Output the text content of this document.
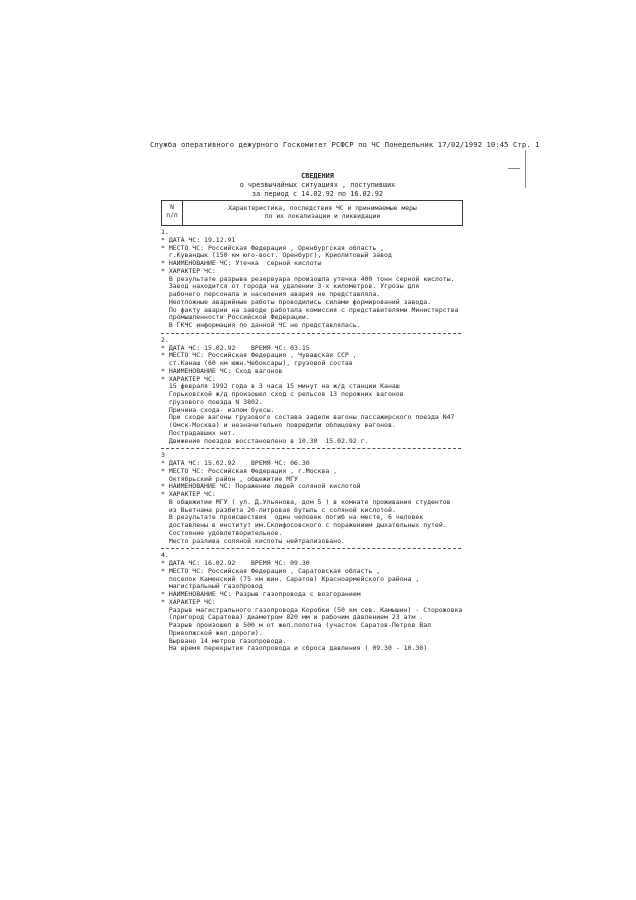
Служба оперативного дежурного Госкомитет РСФСР по ЧС Понедельник 17/02/1992 10:45 Стр. 1
СВЕДЕНИЯ
о чрезвычайных ситуациях , поступивших
за период с 14.02.92 по 16.02.92
N
п/п
Характеристика, последствия ЧС и принимаемые меры
по их локализации и ликвидации
1.
* ДАТА ЧС: 19.12.91
* МЕСТО ЧС: Российская Федерация , Оренбургская область ,
г.Кувандык (150 км юго-вост. Оренбург), Криолитовый завод
* НАИМЕНОВАНИЕ ЧС: Утечка  серной кислоты
* ХАРАКТЕР ЧС:
В результате разрыва резервуара произошла утечка 400 тонн серной кислоты.
Завод находится от города на удалении 3-х километров. Угрозы для
рабочего персонала и населения авария не представляла.
Неотложные аварийные работы проводились силами формирований завода.
По факту аварии на заводе работала комиссия с представителями Министерства
промышленности Российской Федерации.
В ГКЧС информация по данной ЧС не представлялась.
2.
* ДАТА ЧС: 15.02.92    ВРЕМЯ ЧС: 03.15
* МЕСТО ЧС: Российская Федерация , Чувашская ССР ,
ст.Канаш (60 км южн.Чебоксары), грузовой состав
* НАИМЕНОВАНИЕ ЧС: Сход вагонов
* ХАРАКТЕР ЧС:
15 февраля 1992 года в 3 часа 15 минут на ж/д станции Канаш
Горьковской ж/д произошел сход с рельсов 13 порожних вагонов
грузового поезда N 3802.
Причина схода- излом буксы.
При сходе вагоны грузового состава задели вагоны пассажирского поезда N47
(Омск-Москва) и незначительно повредили облицовку вагонов.
Пострадавших нет.
Движение поездов восстановлено в 10.30  15.02.92 г.
3
* ДАТА ЧС: 15.02.92    ВРЕМЯ ЧС: 06.30
* МЕСТО ЧС: Российская Федерация , г.Москва ,
Октябрьский район , общежитие МГУ
* НАИМЕНОВАНИЕ ЧС: Поражение людей соляной кислотой
* ХАРАКТЕР ЧС:
В общежитии МГУ ( ул. Д.Ульянова, дом 5 ) в комнате проживания студентов
из Вьетнама разбита 20-литровая бутыль с соляной кислотой.
В результате происшествия  один человек погиб на месте, 6 человек
доставлены в институт им.Склифосовского с поражением дыхательных путей.
Состояние удовлетворительное.
Место разлива соляной кислоты нейтрализовано.
4.
* ДАТА ЧС: 16.02.92    ВРЕМЯ ЧС: 09.30
* МЕСТО ЧС: Российская Федерация , Саратовская область ,
поселок Каменский (75 км юин. Саратов) Красноармейского района ,
магистральный газопровод
* НАИМЕНОВАНИЕ ЧС: Разрыв газопровода с возгоранием
* ХАРАКТЕР ЧС:
Разрыв магистрального газопровода Коробки (50 км сев. Камышин) - Сторожовка
(пригород Саратова) диаметром 820 мм и рабочим давлением 23 атм .
Разрыв произошел в 500 м от жел.полотна (участок Саратов-Петров Вал
Приволжской жел.дороги).
Вырвано 14 метров газопровода.
На время перекрытия газопровода и сброса давления ( 09.30 - 10.30)
